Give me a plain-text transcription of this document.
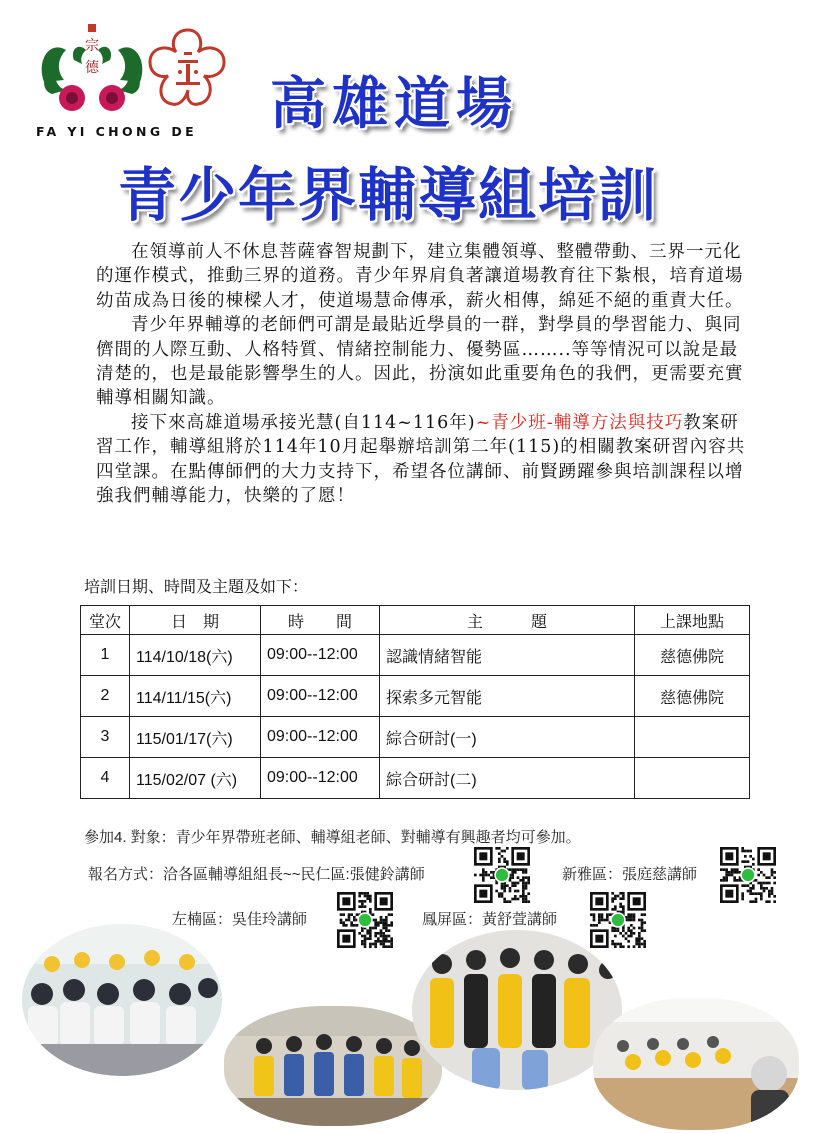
宗
德
FA YI CHONG DE 高雄道場
青少年界輔導組培訓

在領導前人不休息菩薩睿智規劃下，建立集體領導、整體帶動、三界一元化的運作模式，推動三界的道務。青少年界肩負著讓道場教育往下紮根，培育道場幼苗成為日後的棟樑人才，使道場慧命傳承，薪火相傳，綿延不絕的重責大任。

青少年界輔導的老師們可謂是最貼近學員的一群，對學員的學習能力、與同儕間的人際互動、人格特質、情緒控制能力、優勢區……..等等情況可以說是最清楚的，也是最能影響學生的人。因此，扮演如此重要角色的我們，更需要充實輔導相關知識。

接下來高雄道場承接光慧(自114~116年)~青少班-輔導方法與技巧教案研習工作，輔導組將於114年10月起舉辦培訓第二年(115)的相關教案研習內容共四堂課。在點傳師們的大力支持下，希望各位講師、前賢踴躍參與培訓課程以增強我們輔導能力，快樂的了愿！

培訓日期、時間及主題及如下：
堂次	日　期	時　　間	主　　　題	上課地點
1	114/10/18(六)	09:00--12:00	認識情緒智能	慈德佛院
2	114/11/15(六)	09:00--12:00	探索多元智能	慈德佛院
3	115/01/17(六)	09:00--12:00	綜合研討(一)	
4	115/02/07 (六)	09:00--12:00	綜合研討(二)	
參加4. 對象：青少年界帶班老師、輔導組老師、對輔導有興趣者均可參加。
報名方式：洽各區輔導組組長~~民仁區:張健鈴講師	新雅區：張庭慈講師
左楠區：吳佳玲講師	鳳屏區：黃舒萱講師
